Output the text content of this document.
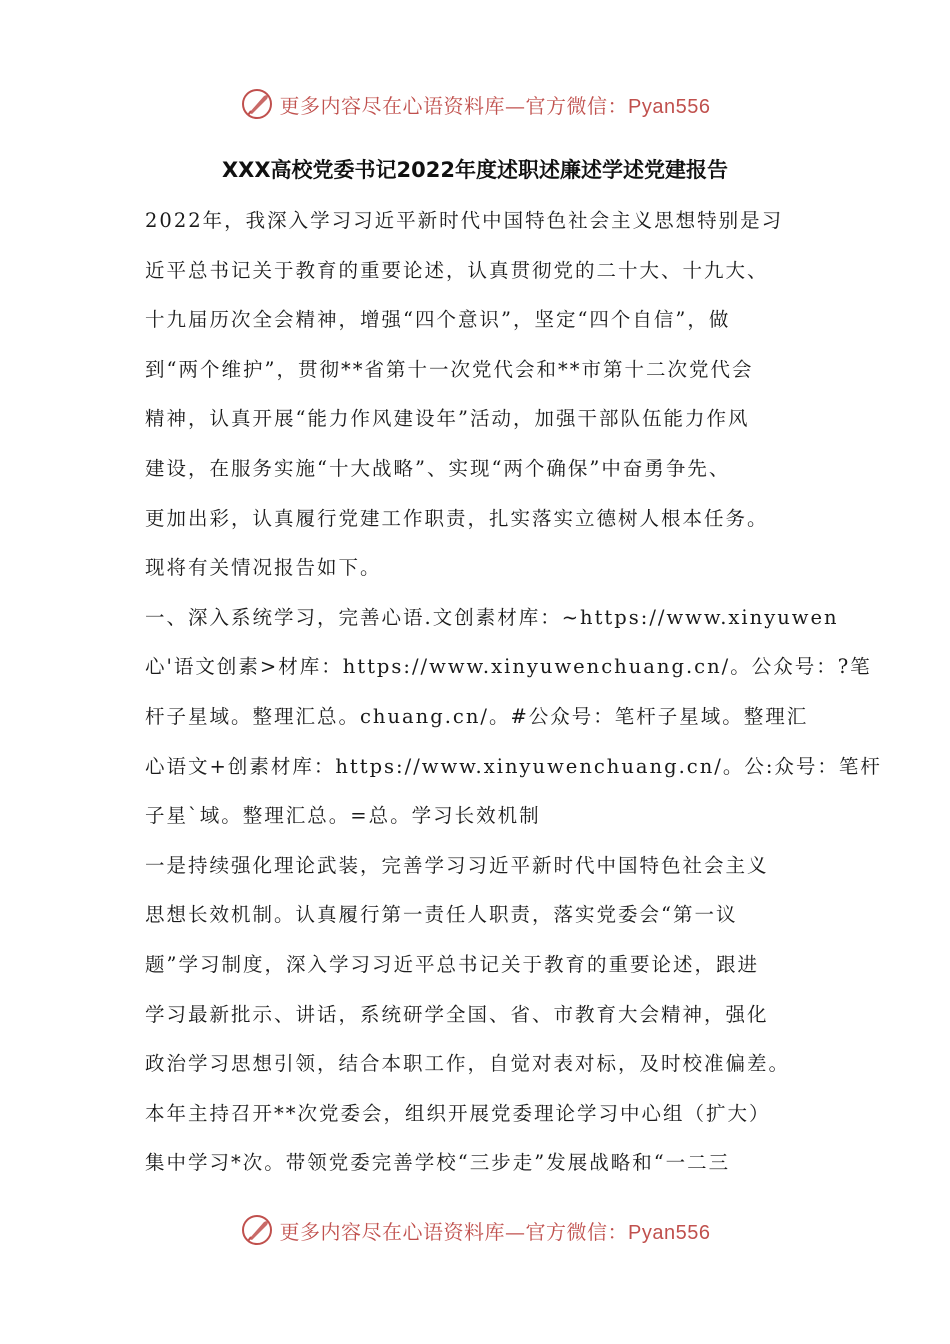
更多内容尽在心语资料库—官方微信：Pyan556
XXX高校党委书记2022年度述职述廉述学述党建报告
2022年，我深入学习习近平新时代中国特色社会主义思想特别是习
近平总书记关于教育的重要论述，认真贯彻党的二十大、十九大、
十九届历次全会精神，增强“四个意识”，坚定“四个自信”，做
到“两个维护”，贯彻**省第十一次党代会和**市第十二次党代会
精神，认真开展“能力作风建设年”活动，加强干部队伍能力作风
建设，在服务实施“十大战略”、实现“两个确保”中奋勇争先、
更加出彩，认真履行党建工作职责，扎实落实立德树人根本任务。
现将有关情况报告如下。
一、深入系统学习，完善心语.文创素材库：~https://www.xinyuwen
心'语文创素>材库：https://www.xinyuwenchuang.cn/。公众号：?笔
杆子星域。整理汇总。chuang.cn/。#公众号：笔杆子星域。整理汇
心语文+创素材库：https://www.xinyuwenchuang.cn/。公:众号：笔杆
子星`域。整理汇总。=总。学习长效机制
一是持续强化理论武装，完善学习习近平新时代中国特色社会主义
思想长效机制。认真履行第一责任人职责，落实党委会“第一议
题”学习制度，深入学习习近平总书记关于教育的重要论述，跟进
学习最新批示、讲话，系统研学全国、省、市教育大会精神，强化
政治学习思想引领，结合本职工作，自觉对表对标，及时校准偏差。
本年主持召开**次党委会，组织开展党委理论学习中心组（扩大）
集中学习*次。带领党委完善学校“三步走”发展战略和“一二三
更多内容尽在心语资料库—官方微信：Pyan556
